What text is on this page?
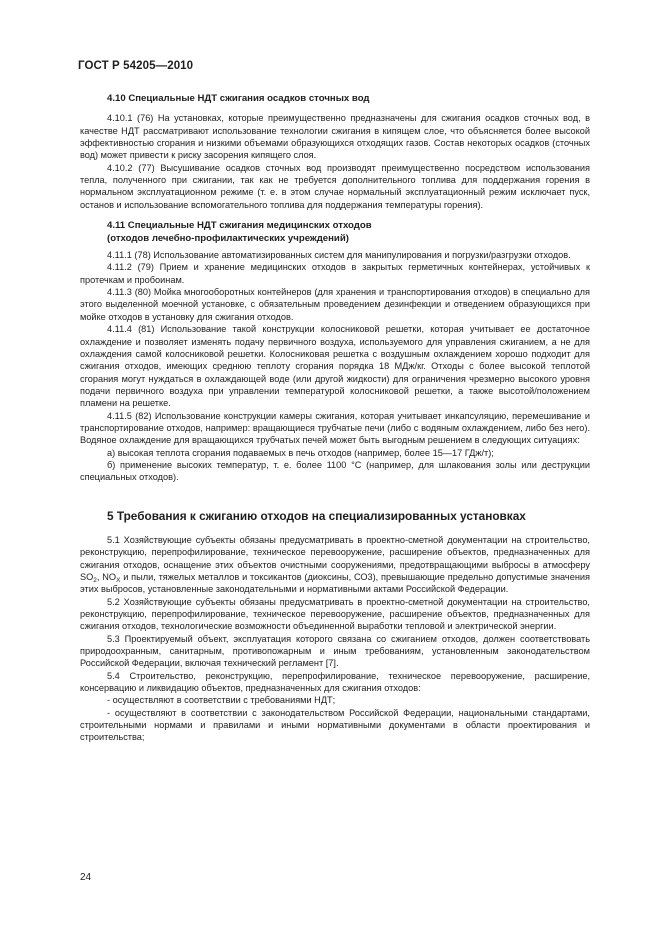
ГОСТ Р 54205—2010
4.10 Специальные НДТ сжигания осадков сточных вод

4.10.1 (76) На установках, которые преимущественно предназначены для сжигания осадков сточных вод, в качестве НДТ рассматривают использование технологии сжигания в кипящем слое, что объясняется более высокой эффективностью сгорания и низкими объемами образующихся отходящих газов. Состав некоторых осадков (сточных вод) может привести к риску засорения кипящего слоя.

4.10.2 (77) Высушивание осадков сточных вод производят преимущественно посредством использования тепла, полученного при сжигании, так как не требуется дополнительного топлива для поддержания горения в нормальном эксплуатационном режиме (т. е. в этом случае нормальный эксплуатационный режим исключает пуск, останов и использование вспомогательного топлива для поддержания температуры горения).

4.11 Специальные НДТ сжигания медицинских отходов
(отходов лечебно-профилактических учреждений)

4.11.1 (78) Использование автоматизированных систем для манипулирования и погрузки/разгрузки отходов.

4.11.2 (79) Прием и хранение медицинских отходов в закрытых герметичных контейнерах, устойчивых к протечкам и пробоинам.

4.11.3 (80) Мойка многооборотных контейнеров (для хранения и транспортирования отходов) в специально для этого выделенной моечной установке, с обязательным проведением дезинфекции и отведением образующихся при мойке отходов в установку для сжигания отходов.

4.11.4 (81) Использование такой конструкции колосниковой решетки, которая учитывает ее достаточное охлаждение и позволяет изменять подачу первичного воздуха, используемого для управления сжиганием, а не для охлаждения самой колосниковой решетки. Колосниковая решетка с воздушным охлаждением хорошо подходит для сжигания отходов, имеющих среднюю теплоту сгорания порядка 18 МДж/кг. Отходы с более высокой теплотой сгорания могут нуждаться в охлаждающей воде (или другой жидкости) для ограничения чрезмерно высокого уровня подачи первичного воздуха при управлении температурой колосниковой решетки, а также высотой/положением пламени на решетке.

4.11.5 (82) Использование конструкции камеры сжигания, которая учитывает инкапсуляцию, перемешивание и транспортирование отходов, например: вращающиеся трубчатые печи (либо с водяным охлаждением, либо без него). Водяное охлаждение для вращающихся трубчатых печей может быть выгодным решением в следующих ситуациях:

а) высокая теплота сгорания подаваемых в печь отходов (например, более 15—17 ГДж/т);

б) применение высоких температур, т. е. более 1100 °С (например, для шлакования золы или деструкции специальных отходов).

5 Требования к сжиганию отходов на специализированных установках

5.1 Хозяйствующие субъекты обязаны предусматривать в проектно-сметной документации на строительство, реконструкцию, перепрофилирование, техническое перевооружение, расширение объектов, предназначенных для сжигания отходов, оснащение этих объектов очистными сооружениями, предотвращающими выбросы в атмосферу $SO_2$, $NO_X$ и пыли, тяжелых металлов и токсикантов (диоксины, СО3), превышающие предельно допустимые значения этих выбросов, установленные законодательными и нормативными актами Российской Федерации.

5.2 Хозяйствующие субъекты обязаны предусматривать в проектно-сметной документации на строительство, реконструкцию, перепрофилирование, техническое перевооружение, расширение объектов, предназначенных для сжигания отходов, технологические возможности объединенной выработки тепловой и электрической энергии.

5.3 Проектируемый объект, эксплуатация которого связана со сжиганием отходов, должен соответствовать природоохранным, санитарным, противопожарным и иным требованиям, установленным законодательством Российской Федерации, включая технический регламент [7].

5.4 Строительство, реконструкцию, перепрофилирование, техническое перевооружение, расширение, консервацию и ликвидацию объектов, предназначенных для сжигания отходов:

- осуществляют в соответствии с требованиями НДТ;

- осуществляют в соответствии с законодательством Российской Федерации, национальными стандартами, строительными нормами и правилами и иными нормативными документами в области проектирования и строительства;

24
